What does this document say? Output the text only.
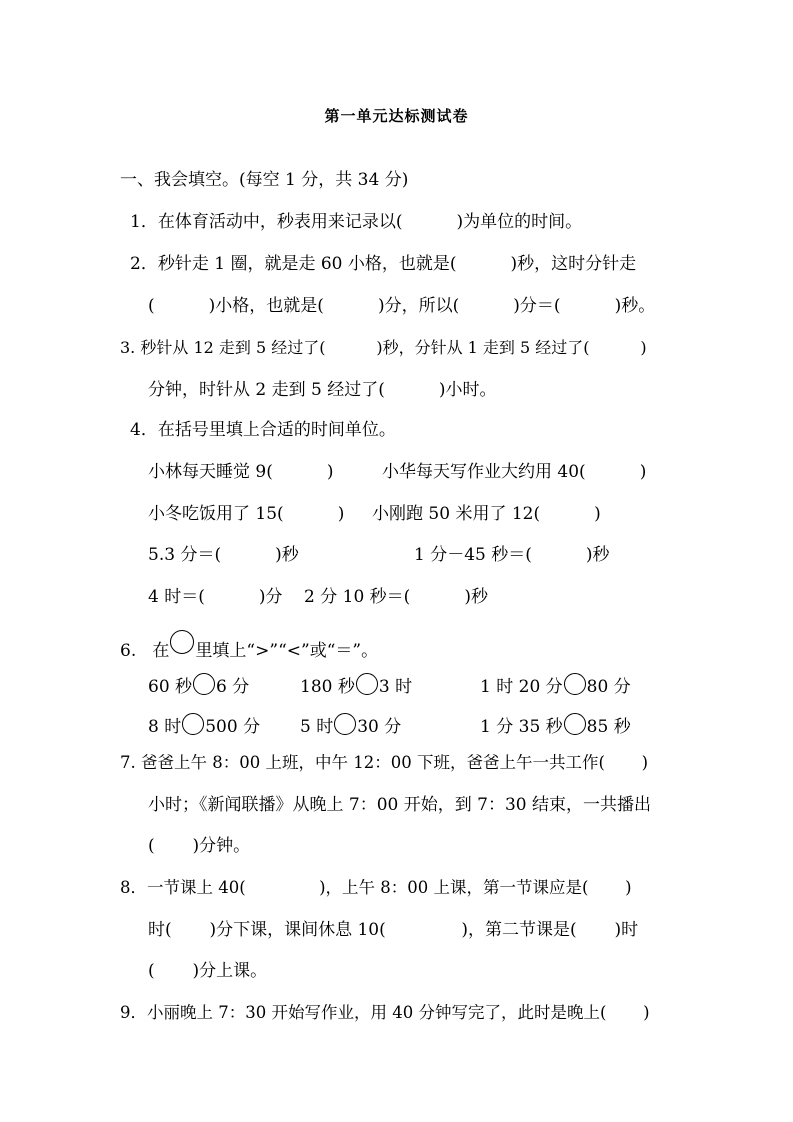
第一单元达标测试卷
一、我会填空。(每空 1 分，共 34 分)
1．在体育活动中，秒表用来记录以(          )为单位的时间。
2．秒针走 1 圈，就是走 60 小格，也就是(          )秒，这时分针走
(          )小格，也就是(          )分，所以(          )分＝(          )秒。
3. 秒针从 12 走到 5 经过了(          )秒，分针从 1 走到 5 经过了(          )
分钟，时针从 2 走到 5 经过了(          )小时。
4．在括号里填上合适的时间单位。
小林每天睡觉 9(          )	小华每天写作业大约用 40(          )
小冬吃饭用了 15(          ) 小刚跑 50 米用了 12(          )
5.3 分＝(          )秒	1 分－45 秒＝(          )秒
4 时＝(          )分 2 分 10 秒＝(          )秒
6.   在 里填上“>”“<”或“＝”。
60 秒 6 分	180 秒 3 时	1 时 20 分 80 分
8 时 500 分 5 时 30 分	1 分 35 秒 85 秒
7. 爸爸上午 8：00 上班，中午 12：00 下班，爸爸上午一共工作(       )
小时；《新闻联播》从晚上 7：00 开始，到 7：30 结束，一共播出
(       )分钟。
8．一节课上 40(              )，上午 8：00 上课，第一节课应是(       )
时(       )分下课，课间休息 10(              )，第二节课是(       )时
(       )分上课。
9．小丽晚上 7：30 开始写作业，用 40 分钟写完了，此时是晚上(       )
